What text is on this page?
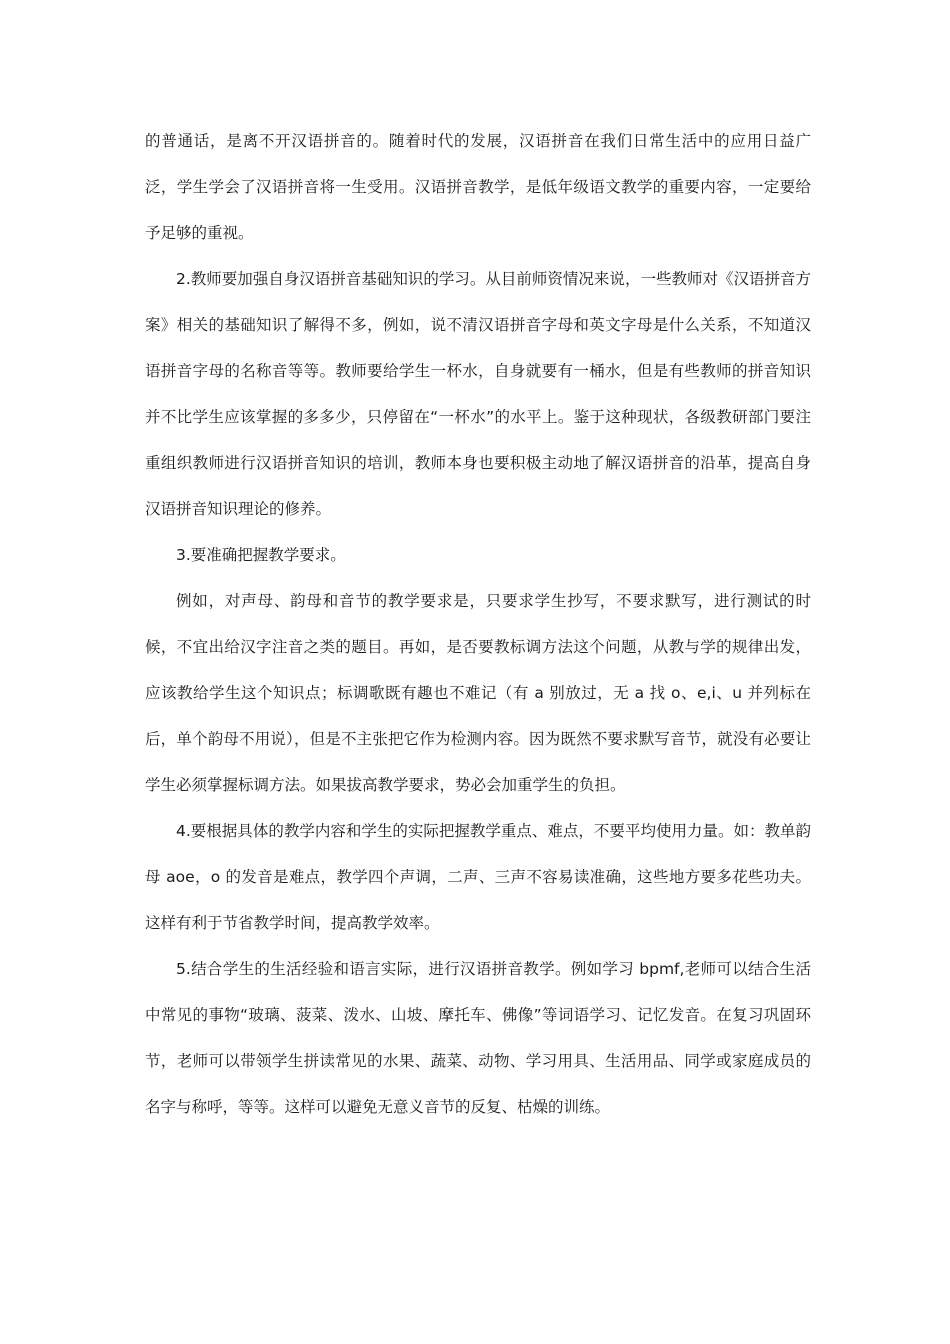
的普通话，是离不开汉语拼音的。随着时代的发展，汉语拼音在我们日常生活中的应用日益广泛，学生学会了汉语拼音将一生受用。汉语拼音教学，是低年级语文教学的重要内容，一定要给予足够的重视。

2.教师要加强自身汉语拼音基础知识的学习。从目前师资情况来说，一些教师对《汉语拼音方案》相关的基础知识了解得不多，例如，说不清汉语拼音字母和英文字母是什么关系，不知道汉语拼音字母的名称音等等。教师要给学生一杯水，自身就要有一桶水，但是有些教师的拼音知识并不比学生应该掌握的多多少，只停留在“一杯水”的水平上。鉴于这种现状，各级教研部门要注重组织教师进行汉语拼音知识的培训，教师本身也要积极主动地了解汉语拼音的沿革，提高自身汉语拼音知识理论的修养。

3.要准确把握教学要求。

例如，对声母、韵母和音节的教学要求是，只要求学生抄写，不要求默写，进行测试的时候，不宜出给汉字注音之类的题目。再如，是否要教标调方法这个问题，从教与学的规律出发，应该教给学生这个知识点；标调歌既有趣也不难记（有 a 别放过，无 a 找 o、e,i、u 并列标在后，单个韵母不用说），但是不主张把它作为检测内容。因为既然不要求默写音节，就没有必要让学生必须掌握标调方法。如果拔高教学要求，势必会加重学生的负担。

4.要根据具体的教学内容和学生的实际把握教学重点、难点，不要平均使用力量。如：教单韵母 aoe，o 的发音是难点，教学四个声调，二声、三声不容易读准确，这些地方要多花些功夫。这样有利于节省教学时间，提高教学效率。

5.结合学生的生活经验和语言实际，进行汉语拼音教学。例如学习 bpmf,老师可以结合生活中常见的事物“玻璃、菠菜、泼水、山坡、摩托车、佛像”等词语学习、记忆发音。在复习巩固环节，老师可以带领学生拼读常见的水果、蔬菜、动物、学习用具、生活用品、同学或家庭成员的名字与称呼，等等。这样可以避免无意义音节的反复、枯燥的训练。
